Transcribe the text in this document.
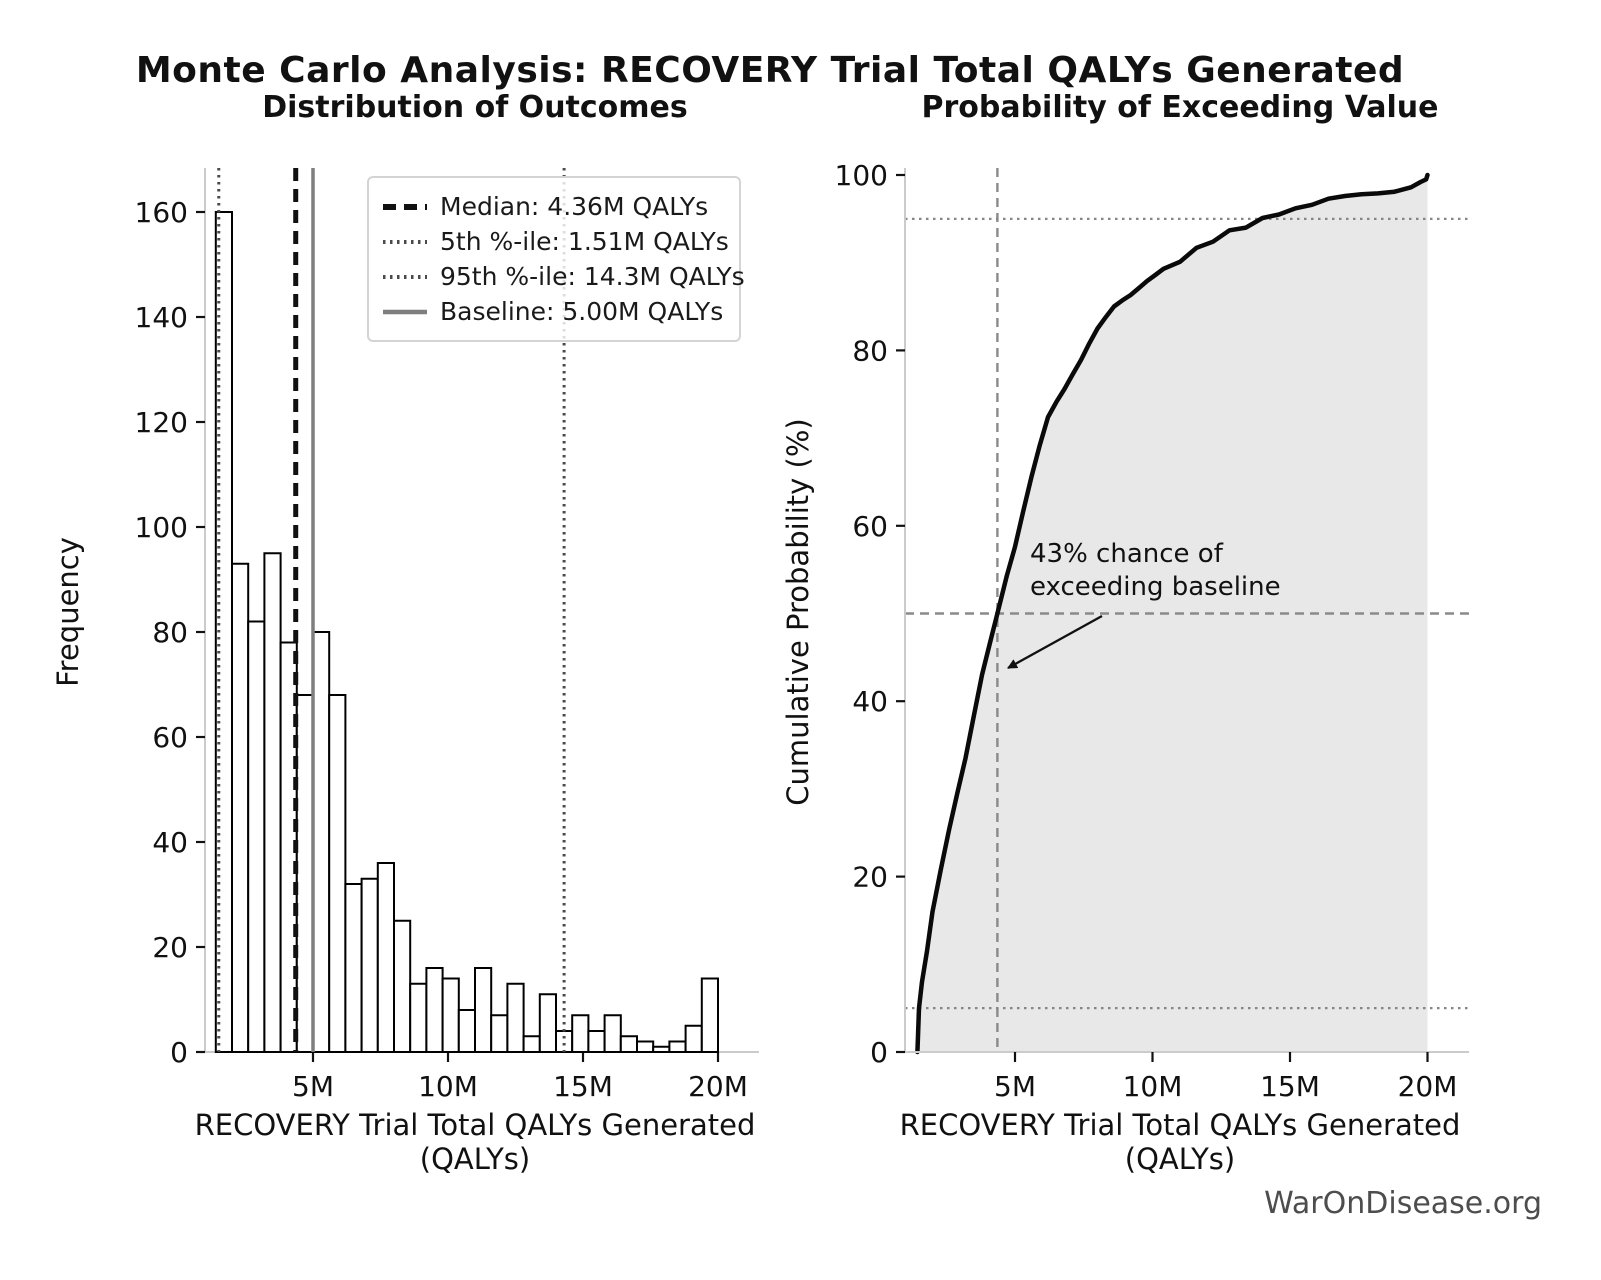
Monte Carlo Analysis: RECOVERY Trial Total QALYs Generated
Distribution of Outcomes	Probability of Exceeding Value
0
20
40
60
80
100
120
140
160
5M	10M	15M	20M
0
20
40
60
80
100
5M	10M	15M	20M
Frequency	Cumulative Probability (%)
RECOVERY Trial Total QALYs Generated (QALYs)
RECOVERY Trial Total QALYs Generated (QALYs)
Median: 4.36M QALYs
5th %-ile: 1.51M QALYs
95th %-ile: 14.3M QALYs
Baseline: 5.00M QALYs
43% chance of
exceeding baseline
WarOnDisease.org
